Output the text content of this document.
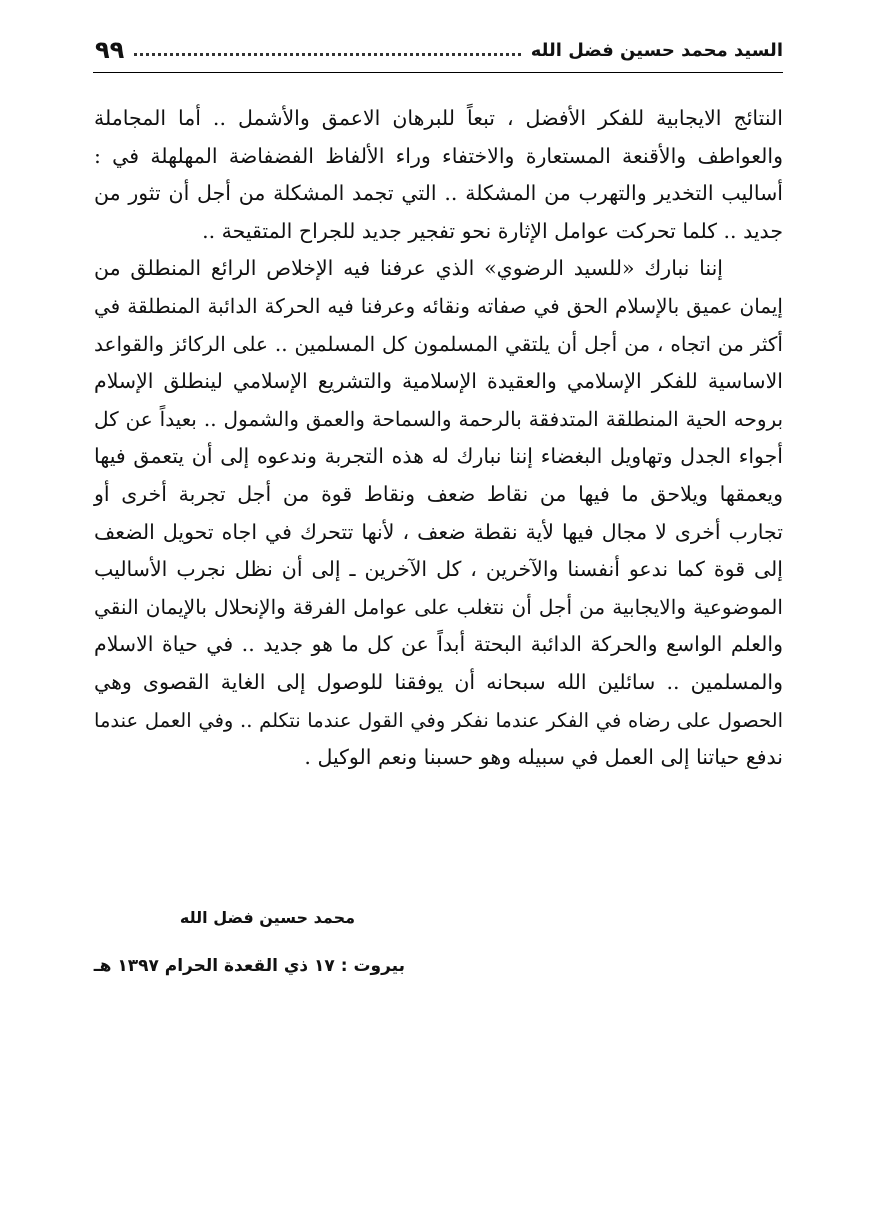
السيد محمد حسين فضل الله
٩٩
النتائج الايجابية للفكر الأفضل ، تبعاً للبرهان الاعمق والأشمل .. أما المجاملة
والعواطف والأقنعة المستعارة والاختفاء وراء الألفاظ الفضفاضة المهلهلة في :
أساليب التخدير والتهرب من المشكلة .. التي تجمد المشكلة من أجل أن تثور من
جديد .. كلما تحركت عوامل الإثارة نحو تفجير جديد للجراح المتقيحة ..
إننا نبارك «للسيد الرضوي» الذي عرفنا فيه الإخلاص الرائع المنطلق من
إيمان عميق بالإسلام الحق في صفاته ونقائه وعرفنا فيه الحركة الدائبة المنطلقة في
أكثر من اتجاه ، من أجل أن يلتقي المسلمون كل المسلمين .. على الركائز والقواعد
الاساسية للفكر الإسلامي والعقيدة الإسلامية والتشريع الإسلامي لينطلق الإسلام
بروحه الحية المنطلقة المتدفقة بالرحمة والسماحة والعمق والشمول .. بعيداً عن كل
أجواء الجدل وتهاويل البغضاء إننا نبارك له هذه التجربة وندعوه إلى أن يتعمق فيها
ويعمقها ويلاحق ما فيها من نقاط ضعف ونقاط قوة من أجل تجربة أخرى أو
تجارب أخرى لا مجال فيها لأية نقطة ضعف ، لأنها تتحرك في اجاه تحويل الضعف
إلى قوة كما ندعو أنفسنا والآخرين ، كل الآخرين ـ إلى أن نظل نجرب الأساليب
الموضوعية والايجابية من أجل أن نتغلب على عوامل الفرقة والإنحلال بالإيمان النقي
والعلم الواسع والحركة الدائبة البحتة أبداً عن كل ما هو جديد .. في حياة الاسلام
والمسلمين .. سائلين الله سبحانه أن يوفقنا للوصول إلى الغاية القصوى وهي
الحصول على رضاه في الفكر عندما نفكر وفي القول عندما نتكلم .. وفي العمل عندما
ندفع حياتنا إلى العمل في سبيله وهو حسبنا ونعم الوكيل .
محمد حسين فضل الله
بيروت : ١٧ ذي القعدة الحرام ١٣٩٧ هـ
